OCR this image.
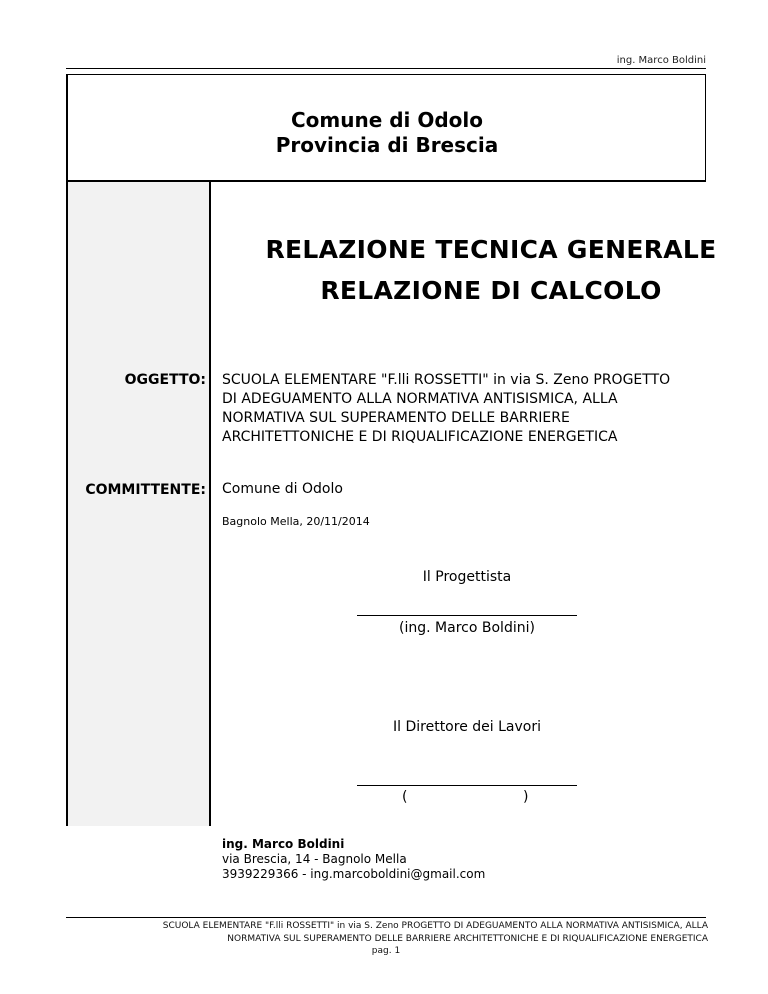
ing. Marco Boldini
Comune di Odolo
Provincia di Brescia
RELAZIONE TECNICA GENERALE
RELAZIONE DI CALCOLO
OGGETTO: SCUOLA ELEMENTARE "F.lli ROSSETTI" in via S. Zeno PROGETTO
DI ADEGUAMENTO ALLA NORMATIVA ANTISISMICA, ALLA
NORMATIVA SUL SUPERAMENTO DELLE BARRIERE
ARCHITETTONICHE E DI RIQUALIFICAZIONE ENERGETICA
COMMITTENTE: Comune di Odolo
Bagnolo Mella, 20/11/2014
Il Progettista
(ing. Marco Boldini)
Il Direttore dei Lavori
(	)
ing. Marco Boldini
via Brescia, 14 - Bagnolo Mella
3939229366 - ing.marcoboldini@gmail.com
SCUOLA ELEMENTARE "F.lli ROSSETTI" in via S. Zeno PROGETTO DI ADEGUAMENTO ALLA NORMATIVA ANTISISMICA, ALLA
NORMATIVA SUL SUPERAMENTO DELLE BARRIERE ARCHITETTONICHE E DI RIQUALIFICAZIONE ENERGETICA
pag. 1
